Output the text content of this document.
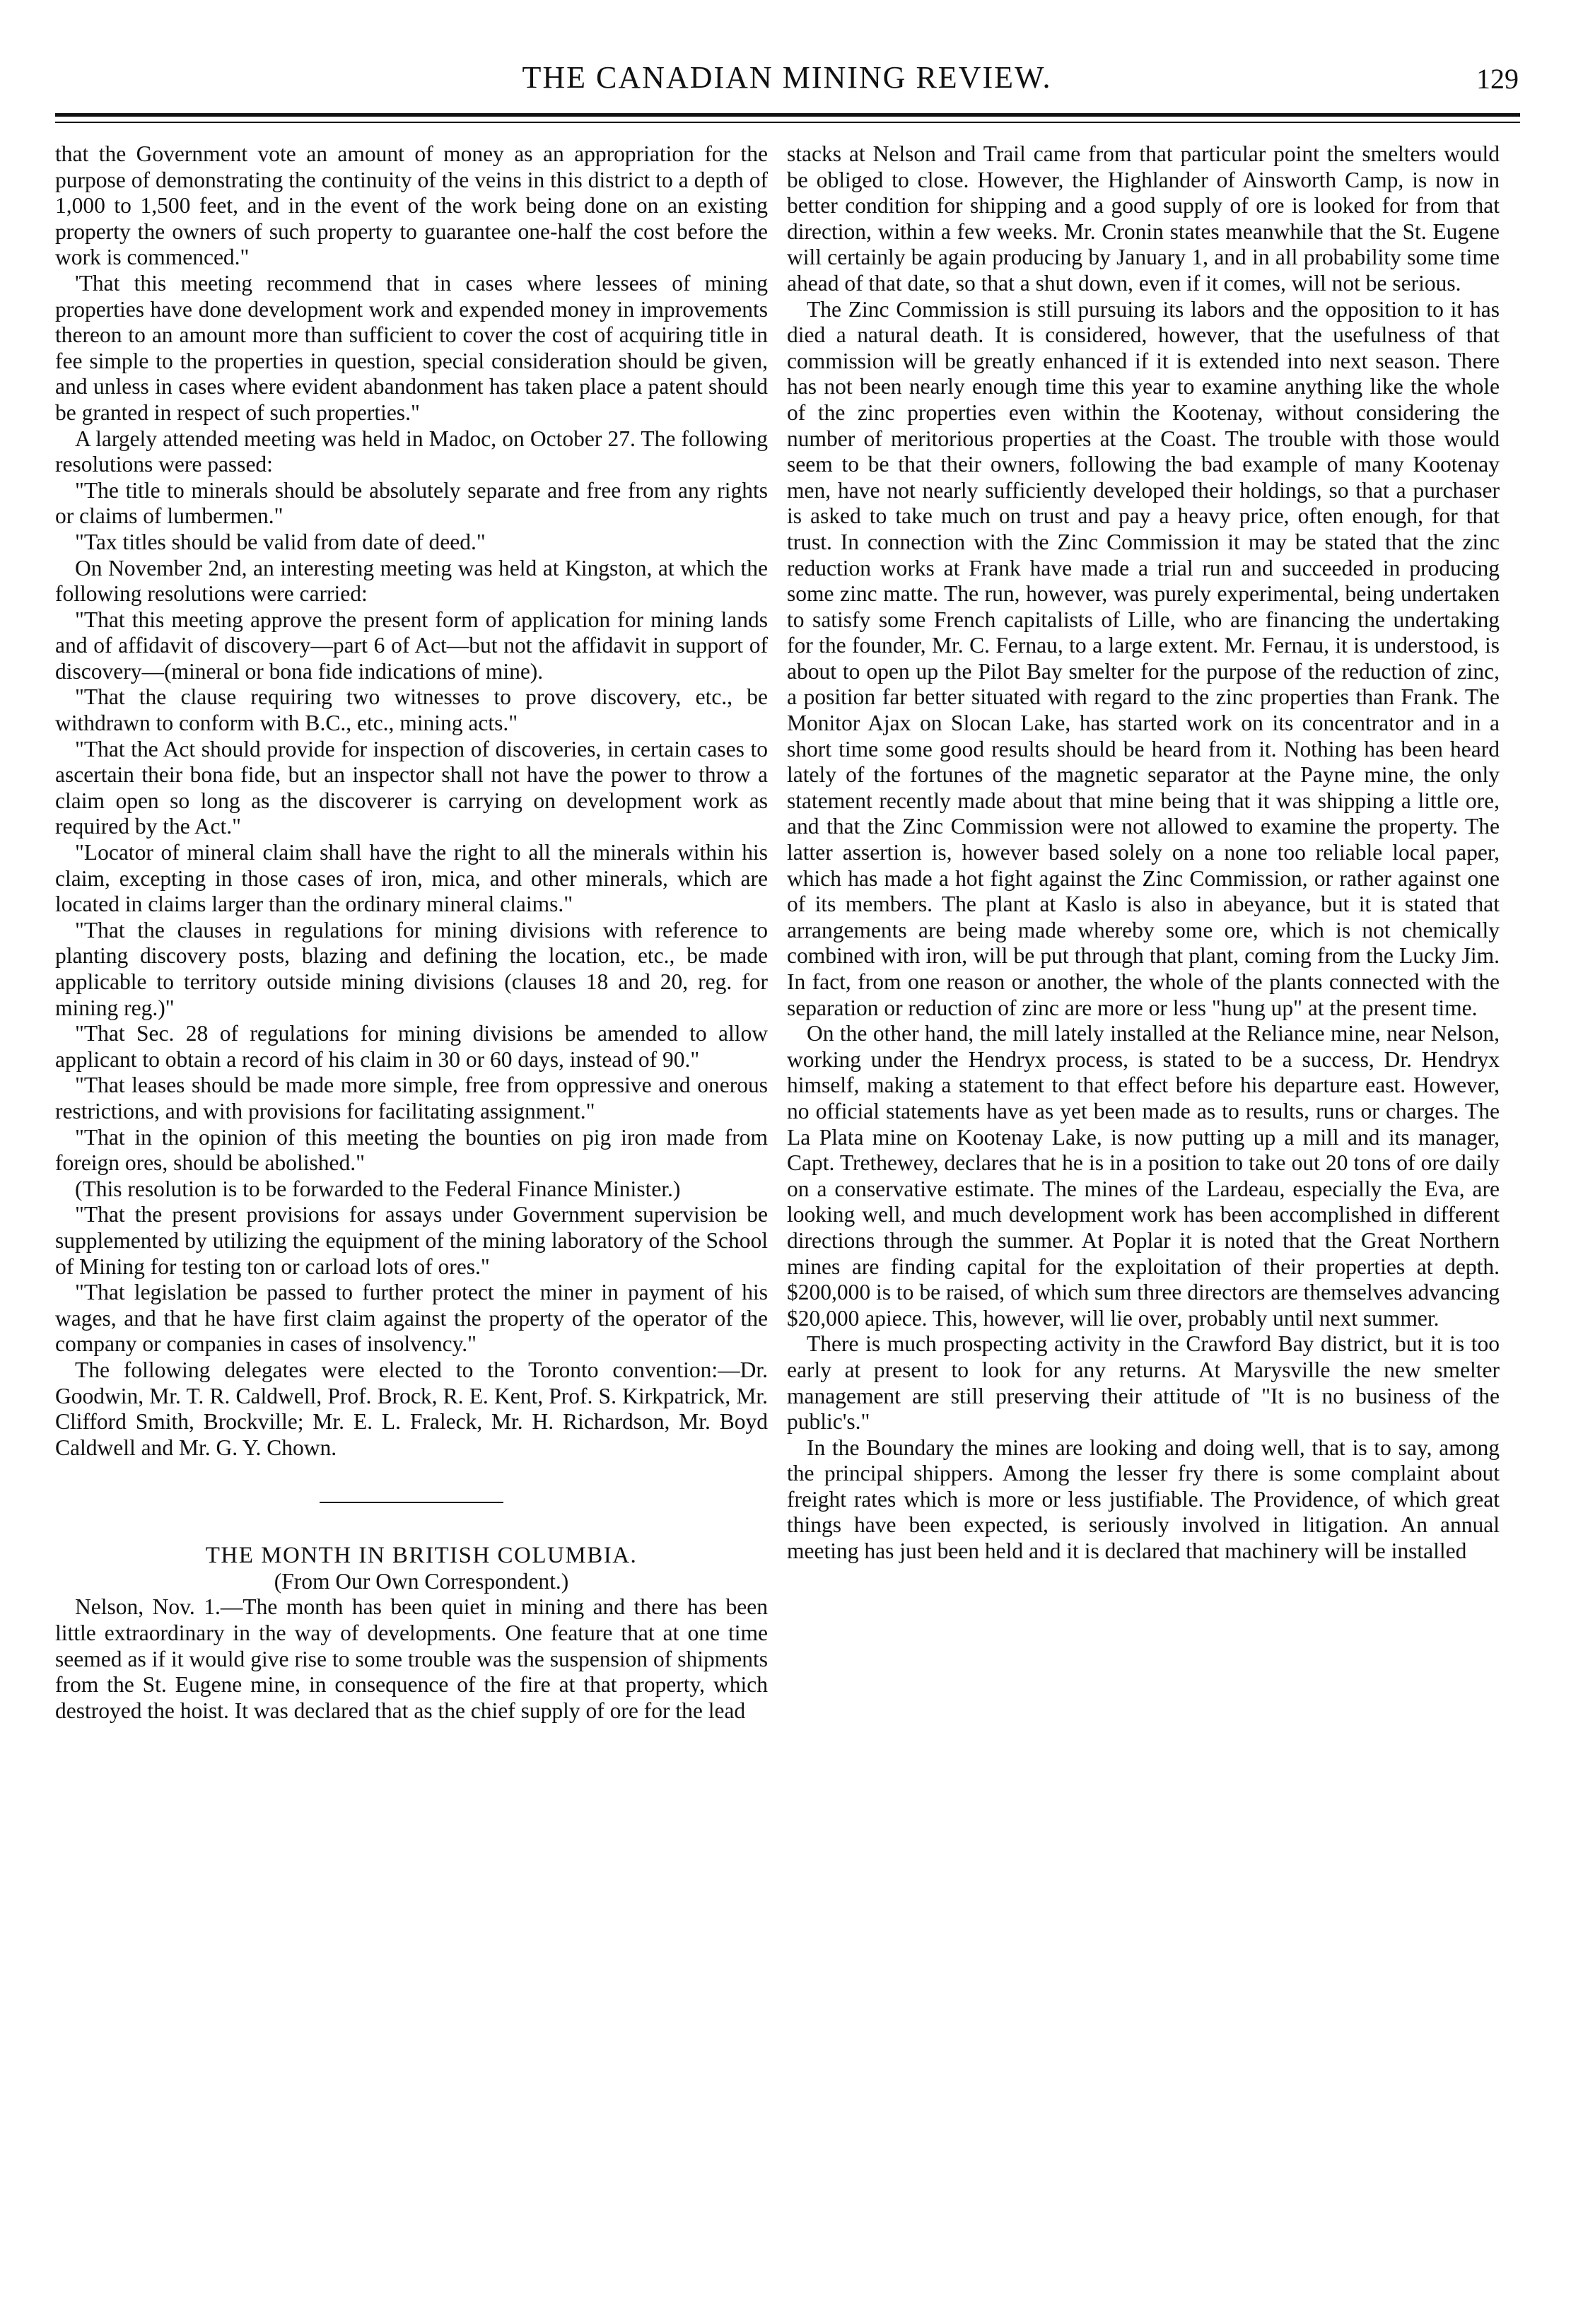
THE CANADIAN MINING REVIEW.	129

that the Government vote an amount of money as an appropriation for the purpose of demonstrating the continuity of the veins in this district to a depth of 1,000 to 1,500 feet, and in the event of the work being done on an existing property the owners of such property to guarantee one-half the cost before the work is commenced."

'That this meeting recommend that in cases where lessees of mining properties have done development work and expended money in improvements thereon to an amount more than sufficient to cover the cost of acquiring title in fee simple to the properties in question, special consideration should be given, and unless in cases where evident abandonment has taken place a patent should be granted in respect of such properties."

A largely attended meeting was held in Madoc, on October 27. The following resolutions were passed:

"The title to minerals should be absolutely separate and free from any rights or claims of lumbermen."

"Tax titles should be valid from date of deed."

On November 2nd, an interesting meeting was held at Kingston, at which the following resolutions were carried:

"That this meeting approve the present form of application for mining lands and of affidavit of discovery—part 6 of Act—but not the affidavit in support of discovery—(mineral or bona fide indications of mine).

"That the clause requiring two witnesses to prove discovery, etc., be withdrawn to conform with B.C., etc., mining acts."

"That the Act should provide for inspection of discoveries, in certain cases to ascertain their bona fide, but an inspector shall not have the power to throw a claim open so long as the discoverer is carrying on development work as required by the Act."

"Locator of mineral claim shall have the right to all the minerals within his claim, excepting in those cases of iron, mica, and other minerals, which are located in claims larger than the ordinary mineral claims."

"That the clauses in regulations for mining divisions with reference to planting discovery posts, blazing and defining the location, etc., be made applicable to territory outside mining divisions (clauses 18 and 20, reg. for mining reg.)"

"That Sec. 28 of regulations for mining divisions be amended to allow applicant to obtain a record of his claim in 30 or 60 days, instead of 90."

"That leases should be made more simple, free from oppressive and onerous restrictions, and with provisions for facilitating assignment."

"That in the opinion of this meeting the bounties on pig iron made from foreign ores, should be abolished."

(This resolution is to be forwarded to the Federal Finance Minister.)

"That the present provisions for assays under Government supervision be supplemented by utilizing the equipment of the mining laboratory of the School of Mining for testing ton or carload lots of ores."

"That legislation be passed to further protect the miner in payment of his wages, and that he have first claim against the property of the operator of the company or companies in cases of insolvency."

The following delegates were elected to the Toronto convention:—Dr. Goodwin, Mr. T. R. Caldwell, Prof. Brock, R. E. Kent, Prof. S. Kirkpatrick, Mr. Clifford Smith, Brockville; Mr. E. L. Fraleck, Mr. H. Richardson, Mr. Boyd Caldwell and Mr. G. Y. Chown.

THE MONTH IN BRITISH COLUMBIA.

(From Our Own Correspondent.)

Nelson, Nov. 1.—The month has been quiet in mining and there has been little extraordinary in the way of developments. One feature that at one time seemed as if it would give rise to some trouble was the suspension of shipments from the St. Eugene mine, in consequence of the fire at that property, which destroyed the hoist. It was declared that as the chief supply of ore for the lead

stacks at Nelson and Trail came from that particular point the smelters would be obliged to close. However, the Highlander of Ainsworth Camp, is now in better condition for shipping and a good supply of ore is looked for from that direction, within a few weeks. Mr. Cronin states meanwhile that the St. Eugene will certainly be again producing by January 1, and in all probability some time ahead of that date, so that a shut down, even if it comes, will not be serious.

The Zinc Commission is still pursuing its labors and the opposition to it has died a natural death. It is considered, however, that the usefulness of that commission will be greatly enhanced if it is extended into next season. There has not been nearly enough time this year to examine anything like the whole of the zinc properties even within the Kootenay, without considering the number of meritorious properties at the Coast. The trouble with those would seem to be that their owners, following the bad example of many Kootenay men, have not nearly sufficiently developed their holdings, so that a purchaser is asked to take much on trust and pay a heavy price, often enough, for that trust. In connection with the Zinc Commission it may be stated that the zinc reduction works at Frank have made a trial run and succeeded in producing some zinc matte. The run, however, was purely experimental, being undertaken to satisfy some French capitalists of Lille, who are financing the undertaking for the founder, Mr. C. Fernau, to a large extent. Mr. Fernau, it is understood, is about to open up the Pilot Bay smelter for the purpose of the reduction of zinc, a position far better situated with regard to the zinc properties than Frank. The Monitor Ajax on Slocan Lake, has started work on its concentrator and in a short time some good results should be heard from it. Nothing has been heard lately of the fortunes of the magnetic separator at the Payne mine, the only statement recently made about that mine being that it was shipping a little ore, and that the Zinc Commission were not allowed to examine the property. The latter assertion is, however based solely on a none too reliable local paper, which has made a hot fight against the Zinc Commission, or rather against one of its members. The plant at Kaslo is also in abeyance, but it is stated that arrangements are being made whereby some ore, which is not chemically combined with iron, will be put through that plant, coming from the Lucky Jim. In fact, from one reason or another, the whole of the plants connected with the separation or reduction of zinc are more or less "hung up" at the present time.

On the other hand, the mill lately installed at the Reliance mine, near Nelson, working under the Hendryx process, is stated to be a success, Dr. Hendryx himself, making a statement to that effect before his departure east. However, no official statements have as yet been made as to results, runs or charges. The La Plata mine on Kootenay Lake, is now putting up a mill and its manager, Capt. Trethewey, declares that he is in a position to take out 20 tons of ore daily on a conservative estimate. The mines of the Lardeau, especially the Eva, are looking well, and much development work has been accomplished in different directions through the summer. At Poplar it is noted that the Great Northern mines are finding capital for the exploitation of their properties at depth. $200,000 is to be raised, of which sum three directors are themselves advancing $20,000 apiece. This, however, will lie over, probably until next summer.

There is much prospecting activity in the Crawford Bay district, but it is too early at present to look for any returns. At Marysville the new smelter management are still preserving their attitude of "It is no business of the public's."

In the Boundary the mines are looking and doing well, that is to say, among the principal shippers. Among the lesser fry there is some complaint about freight rates which is more or less justifiable. The Providence, of which great things have been expected, is seriously involved in litigation. An annual meeting has just been held and it is declared that machinery will be installed
